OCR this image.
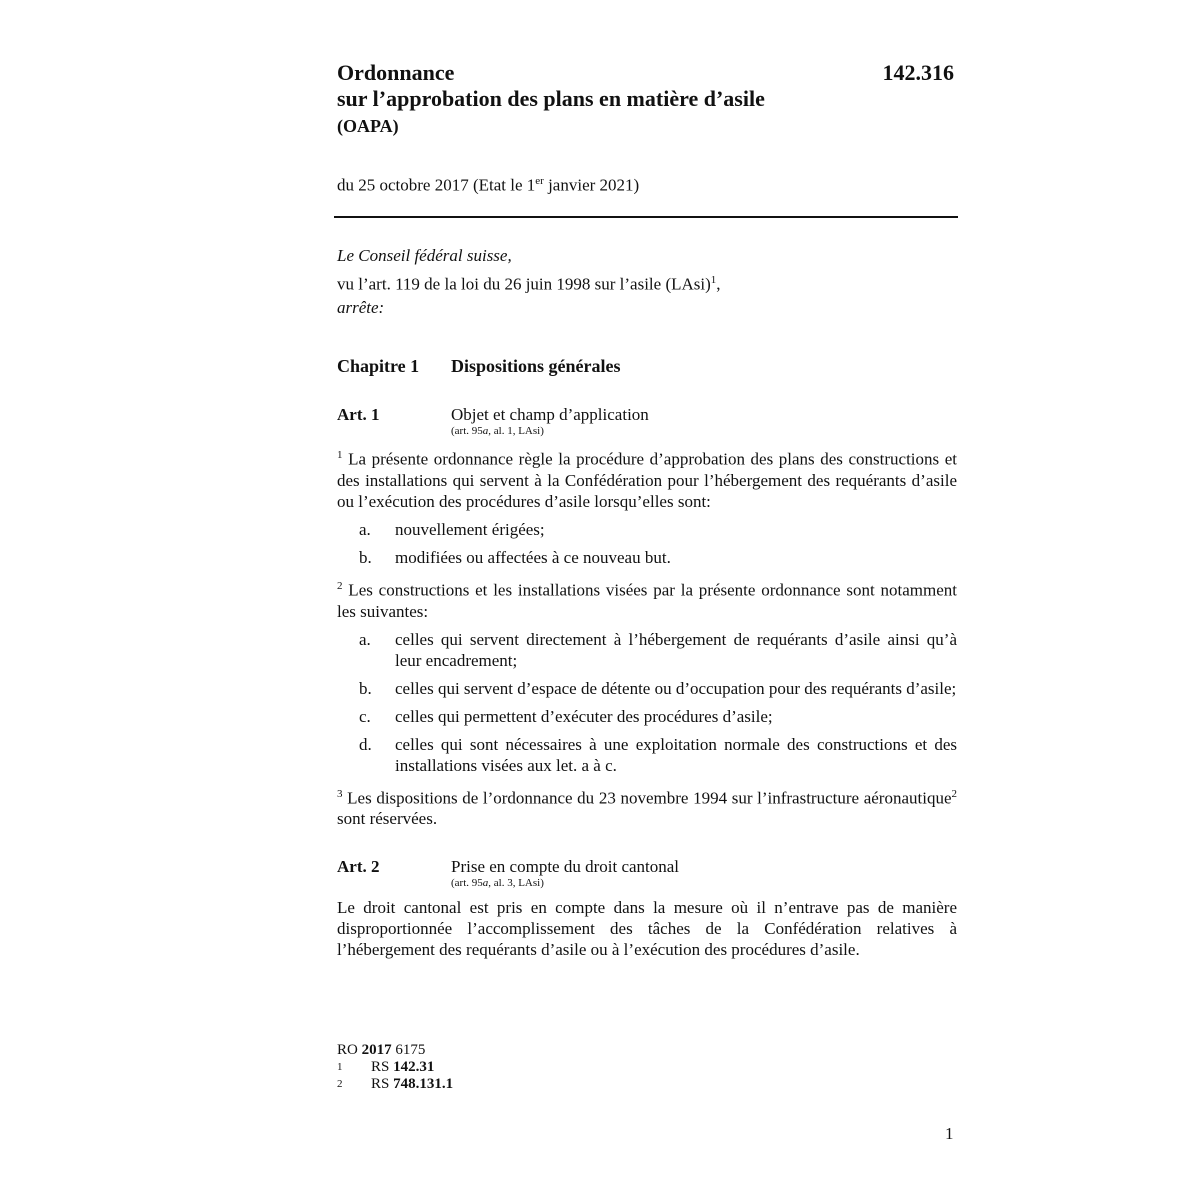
142.316
Ordonnance
sur l’approbation des plans en matière d’asile
(OAPA)
du 25 octobre 2017 (Etat le 1er janvier 2021)
Le Conseil fédéral suisse,
vu l’art. 119 de la loi du 26 juin 1998 sur l’asile (LAsi)$^1$,
arrête:
Chapitre 1 Dispositions générales
Art. 1	Objet et champ d’application
(art. 95a, al. 1, LAsi)
$^1$ La présente ordonnance règle la procédure d’approbation des plans des constructions et des installations qui servent à la Confédération pour l’hébergement des requérants d’asile ou l’exécution des procédures d’asile lorsqu’elles sont:
a.	nouvellement érigées;
b.	modifiées ou affectées à ce nouveau but.
$^2$ Les constructions et les installations visées par la présente ordonnance sont notamment les suivantes:
a.	celles qui servent directement à l’hébergement de requérants d’asile ainsi qu’à leur encadrement;
b.	celles qui servent d’espace de détente ou d’occupation pour des requérants d’asile;
c.	celles qui permettent d’exécuter des procédures d’asile;
d.	celles qui sont nécessaires à une exploitation normale des constructions et des installations visées aux let. a à c.
$^3$ Les dispositions de l’ordonnance du 23 novembre 1994 sur l’infrastructure aéronautique$^2$ sont réservées.
Art. 2	Prise en compte du droit cantonal
(art. 95a, al. 3, LAsi)
Le droit cantonal est pris en compte dans la mesure où il n’entrave pas de manière disproportionnée l’accomplissement des tâches de la Confédération relatives à l’hébergement des requérants d’asile ou à l’exécution des procédures d’asile.
RO 2017 6175
1	RS 142.31
2	RS 748.131.1
1
